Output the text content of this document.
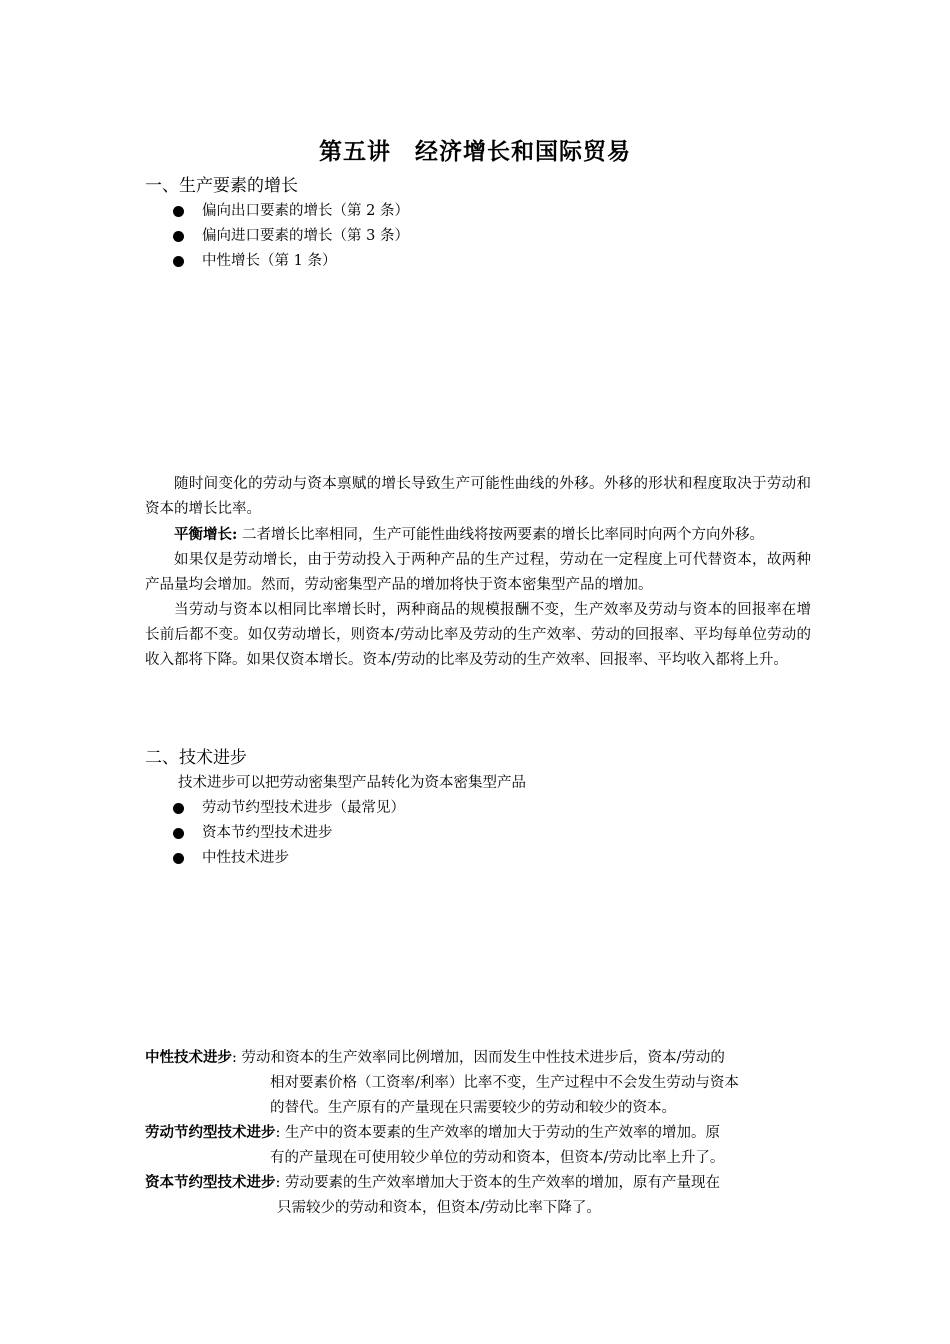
第五讲　经济增长和国际贸易
一、生产要素的增长
偏向出口要素的增长（第 2 条）
偏向进口要素的增长（第 3 条）
中性增长（第 1 条）

随时间变化的劳动与资本禀赋的增长导致生产可能性曲线的外移。外移的形状和程度取决于劳动和资本的增长比率。

平衡增长: 二者增长比率相同，生产可能性曲线将按两要素的增长比率同时向两个方向外移。

如果仅是劳动增长，由于劳动投入于两种产品的生产过程，劳动在一定程度上可代替资本，故两种产品量均会增加。然而，劳动密集型产品的增加将快于资本密集型产品的增加。

当劳动与资本以相同比率增长时，两种商品的规模报酬不变，生产效率及劳动与资本的回报率在增长前后都不变。如仅劳动增长，则资本/劳动比率及劳动的生产效率、劳动的回报率、平均每单位劳动的收入都将下降。如果仅资本增长。资本/劳动的比率及劳动的生产效率、回报率、平均收入都将上升。

二、技术进步
技术进步可以把劳动密集型产品转化为资本密集型产品
劳动节约型技术进步（最常见）
资本节约型技术进步
中性技术进步
中性技术进步: 劳动和资本的生产效率同比例增加，因而发生中性技术进步后，资本/劳动的
相对要素价格（工资率/利率）比率不变，生产过程中不会发生劳动与资本
的替代。生产原有的产量现在只需要较少的劳动和较少的资本。
劳动节约型技术进步: 生产中的资本要素的生产效率的增加大于劳动的生产效率的增加。原
有的产量现在可使用较少单位的劳动和资本，但资本/劳动比率上升了。
资本节约型技术进步: 劳动要素的生产效率增加大于资本的生产效率的增加，原有产量现在
只需较少的劳动和资本，但资本/劳动比率下降了。
